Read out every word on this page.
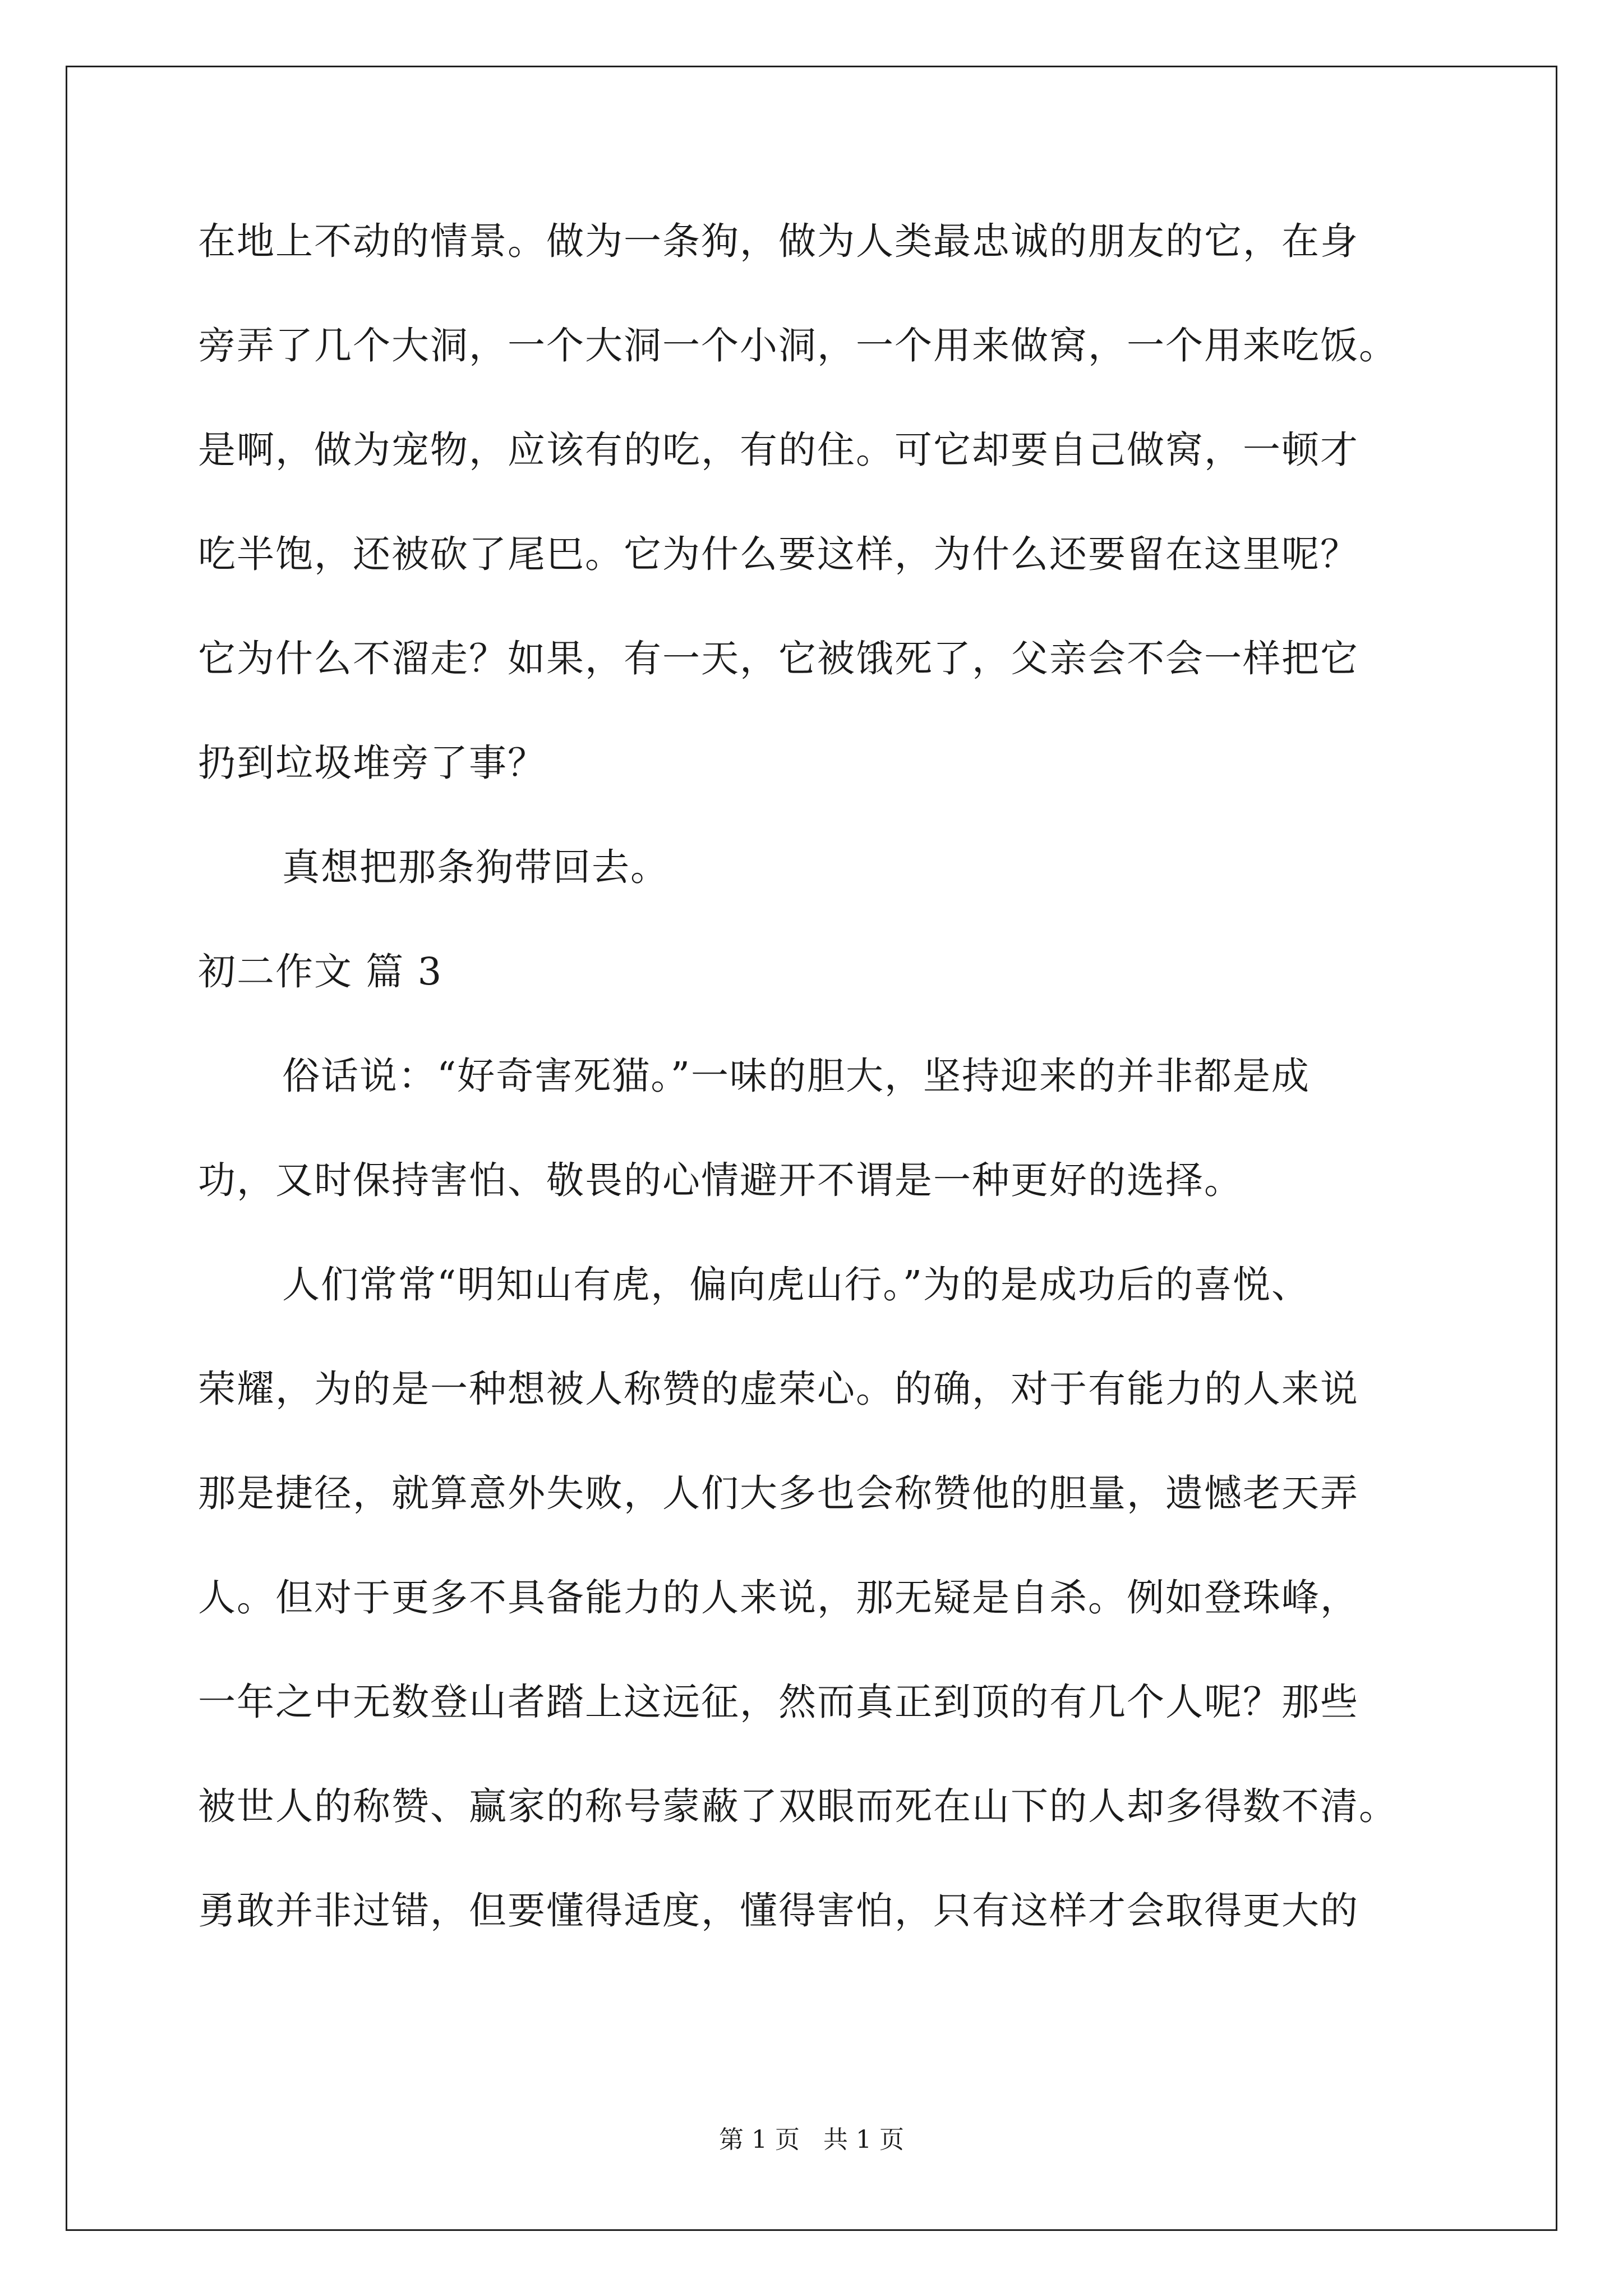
在地上不动的情景。做为一条狗，做为人类最忠诚的朋友的它，在身
旁弄了几个大洞，一个大洞一个小洞，一个用来做窝，一个用来吃饭。
是啊，做为宠物，应该有的吃，有的住。可它却要自己做窝，一顿才
吃半饱，还被砍了尾巴。它为什么要这样，为什么还要留在这里呢？
它为什么不溜走？如果，有一天，它被饿死了，父亲会不会一样把它
扔到垃圾堆旁了事？
真想把那条狗带回去。
初二作文 篇 3
俗话说：“好奇害死猫。”一味的胆大，坚持迎来的并非都是成
功，又时保持害怕、敬畏的心情避开不谓是一种更好的选择。
人们常常“明知山有虎，偏向虎山行。”为的是成功后的喜悦、
荣耀，为的是一种想被人称赞的虚荣心。的确，对于有能力的人来说
那是捷径，就算意外失败，人们大多也会称赞他的胆量，遗憾老天弄
人。但对于更多不具备能力的人来说，那无疑是自杀。例如登珠峰，
一年之中无数登山者踏上这远征，然而真正到顶的有几个人呢？那些
被世人的称赞、赢家的称号蒙蔽了双眼而死在山下的人却多得数不清。
勇敢并非过错，但要懂得适度，懂得害怕，只有这样才会取得更大的
第 1 页   共 1 页
